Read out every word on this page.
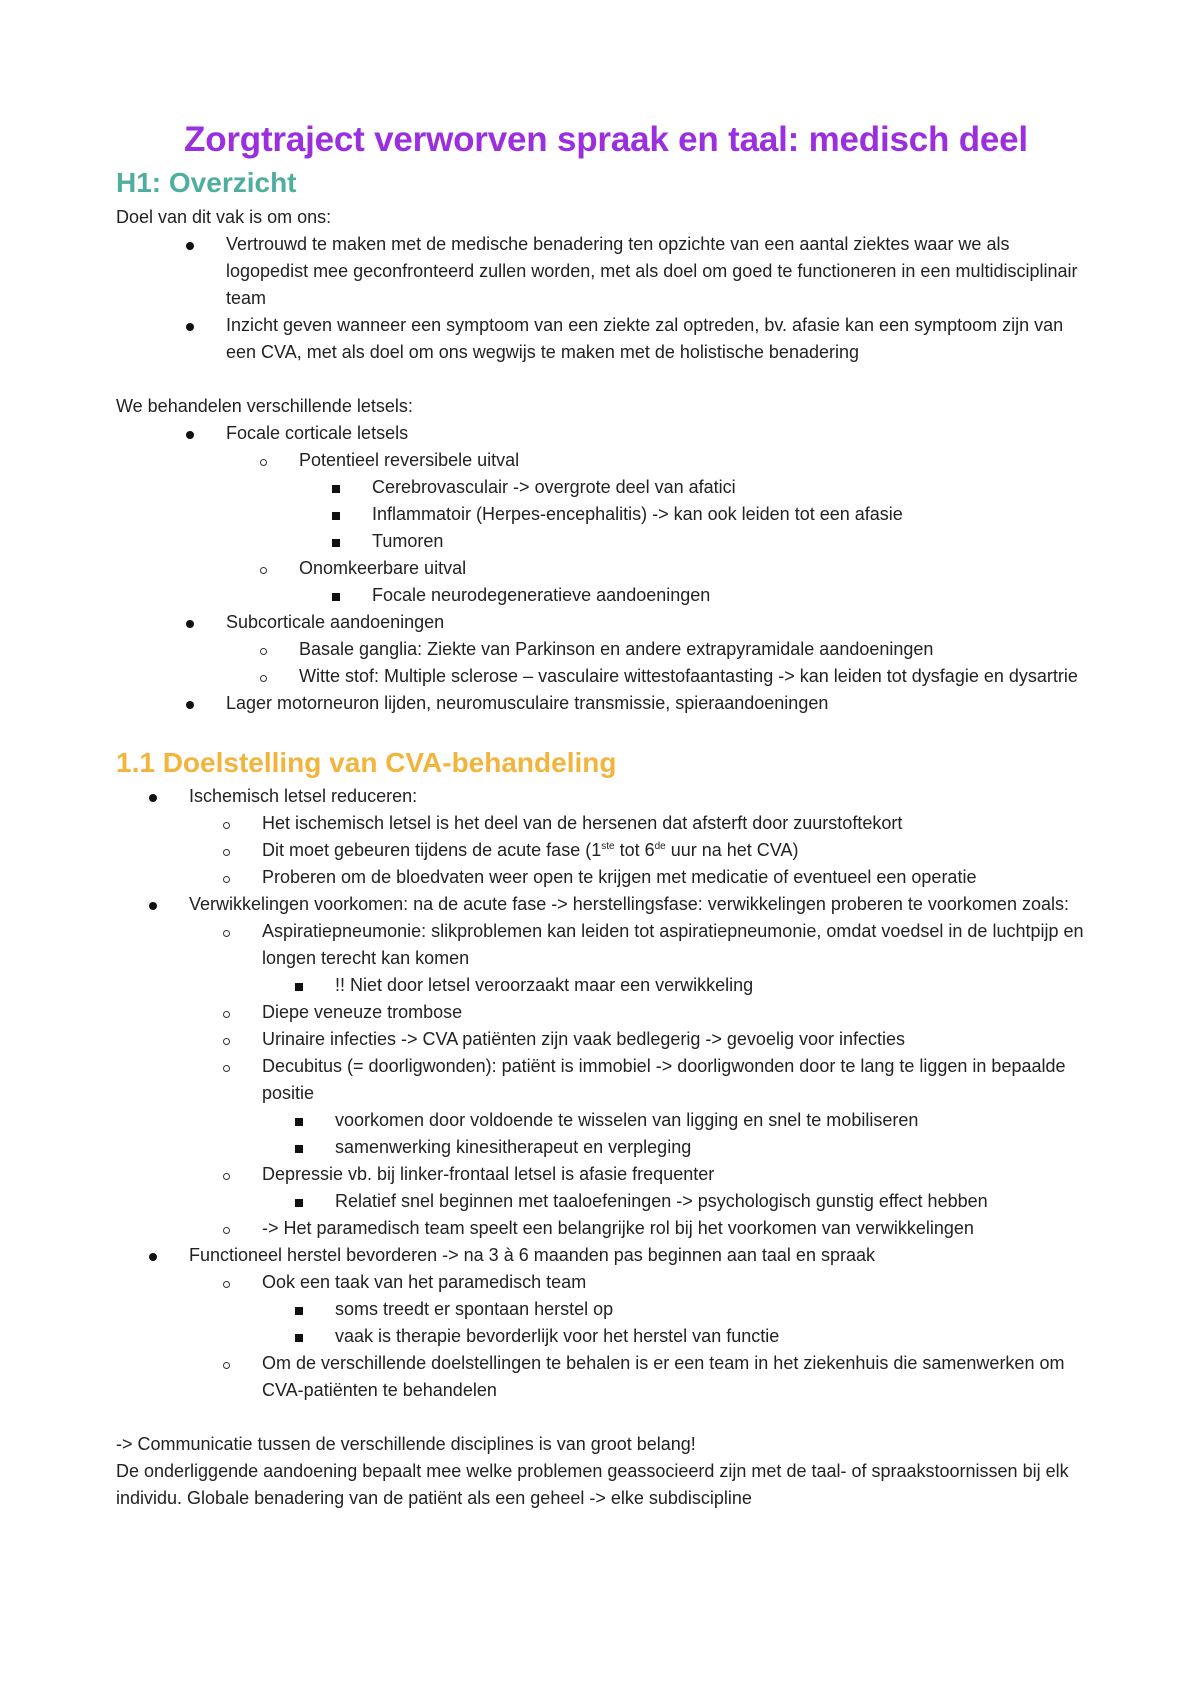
Zorgtraject verworven spraak en taal: medisch deel
H1: Overzicht

Doel van dit vak is om ons:

Vertrouwd te maken met de medische benadering ten opzichte van een aantal ziektes waar we als logopedist mee geconfronteerd zullen worden, met als doel om goed te functioneren in een multidisciplinair team
Inzicht geven wanneer een symptoom van een ziekte zal optreden, bv. afasie kan een symptoom zijn van een CVA, met als doel om ons wegwijs te maken met de holistische benadering

We behandelen verschillende letsels:

Focale corticale letsels
Potentieel reversibele uitval
Cerebrovasculair -> overgrote deel van afatici
Inflammatoir (Herpes-encephalitis) -> kan ook leiden tot een afasie
Tumoren
Onomkeerbare uitval
Focale neurodegeneratieve aandoeningen
Subcorticale aandoeningen
Basale ganglia: Ziekte van Parkinson en andere extrapyramidale aandoeningen
Witte stof: Multiple sclerose – vasculaire wittestofaantasting -> kan leiden tot dysfagie en dysartrie
Lager motorneuron lijden, neuromusculaire transmissie, spieraandoeningen
1.1 Doelstelling van CVA-behandeling
Ischemisch letsel reduceren:
Het ischemisch letsel is het deel van de hersenen dat afsterft door zuurstoftekort
Dit moet gebeuren tijdens de acute fase (1ste tot 6de uur na het CVA)
Proberen om de bloedvaten weer open te krijgen met medicatie of eventueel een operatie
Verwikkelingen voorkomen: na de acute fase -> herstellingsfase: verwikkelingen proberen te voorkomen zoals:
Aspiratiepneumonie: slikproblemen kan leiden tot aspiratiepneumonie, omdat voedsel in de luchtpijp en longen terecht kan komen
!! Niet door letsel veroorzaakt maar een verwikkeling
Diepe veneuze trombose
Urinaire infecties -> CVA patiënten zijn vaak bedlegerig -> gevoelig voor infecties
Decubitus (= doorligwonden): patiënt is immobiel -> doorligwonden door te lang te liggen in bepaalde positie
voorkomen door voldoende te wisselen van ligging en snel te mobiliseren
samenwerking kinesitherapeut en verpleging
Depressie vb. bij linker-frontaal letsel is afasie frequenter
Relatief snel beginnen met taaloefeningen -> psychologisch gunstig effect hebben
-> Het paramedisch team speelt een belangrijke rol bij het voorkomen van verwikkelingen
Functioneel herstel bevorderen -> na 3 à 6 maanden pas beginnen aan taal en spraak
Ook een taak van het paramedisch team
soms treedt er spontaan herstel op
vaak is therapie bevorderlijk voor het herstel van functie
Om de verschillende doelstellingen te behalen is er een team in het ziekenhuis die samenwerken om CVA-patiënten te behandelen

-> Communicatie tussen de verschillende disciplines is van groot belang!

De onderliggende aandoening bepaalt mee welke problemen geassocieerd zijn met de taal- of spraakstoornissen bij elk individu. Globale benadering van de patiënt als een geheel -> elke subdiscipline
